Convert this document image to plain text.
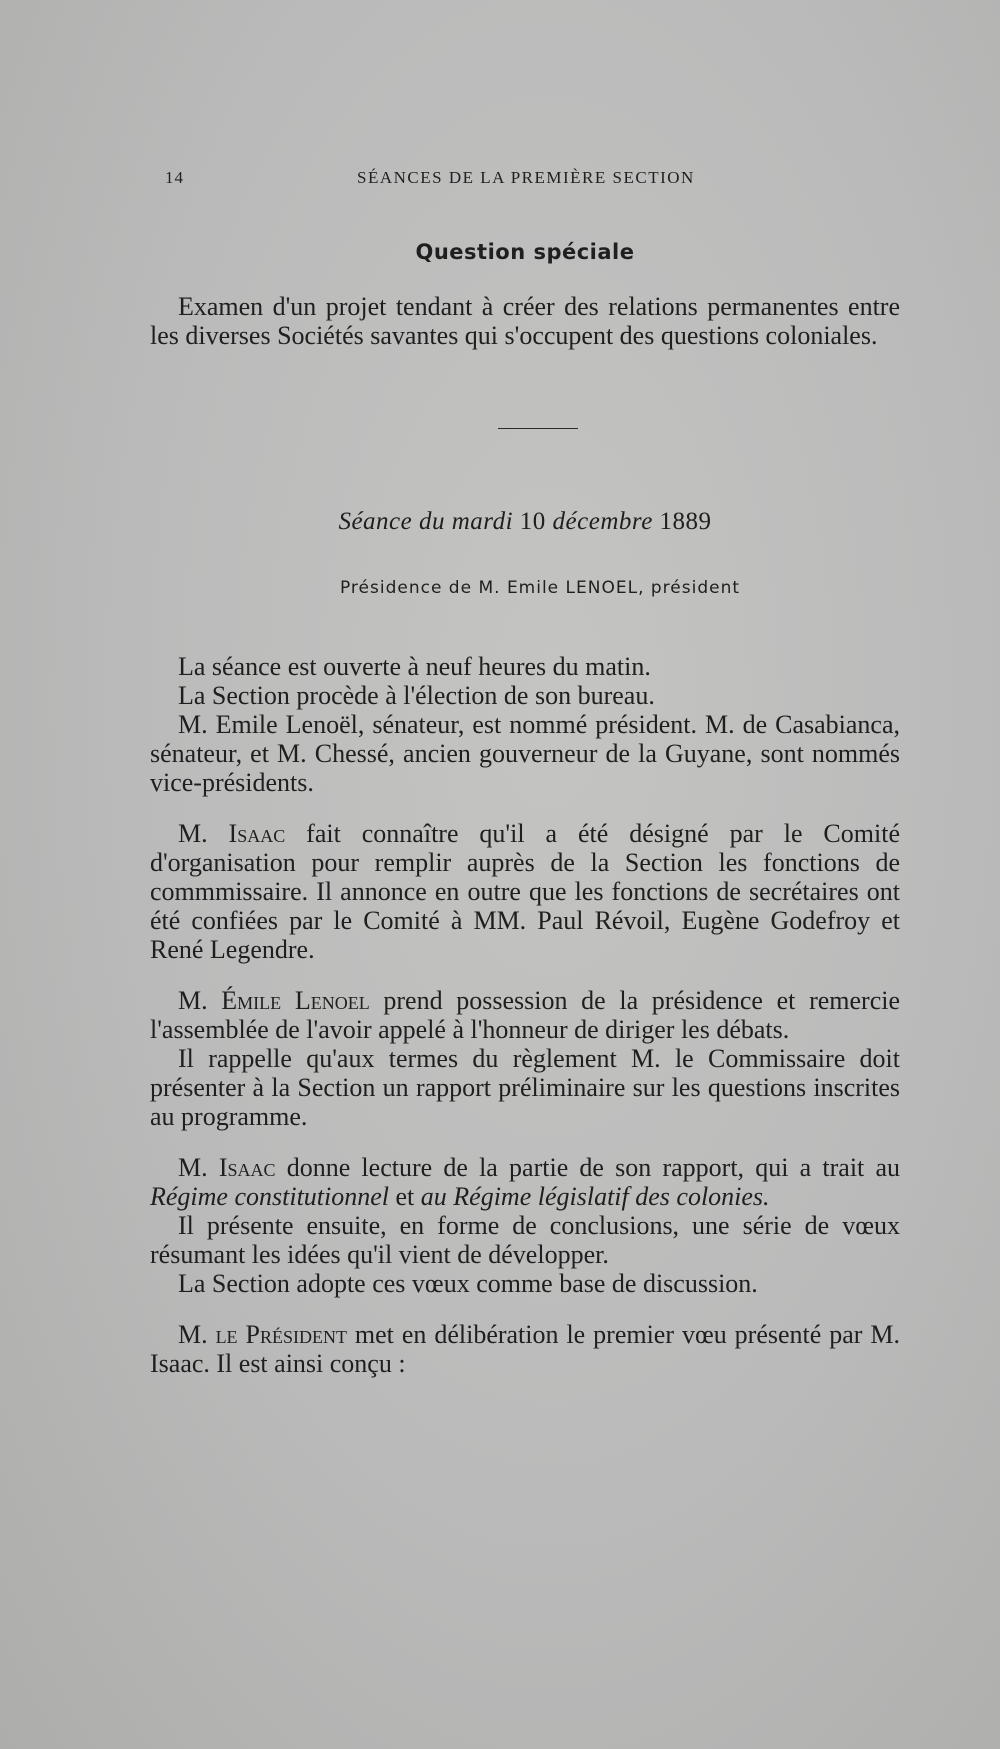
14	SÉANCES DE LA PREMIÈRE SECTION
Question spéciale

Examen d'un projet tendant à créer des relations permanentes entre les diverses Sociétés savantes qui s'occupent des questions coloniales.

Séance du mardi 10 décembre 1889
Présidence de M. Emile LENOEL, président

La séance est ouverte à neuf heures du matin.

La Section procède à l'élection de son bureau.

M. Emile Lenoël, sénateur, est nommé président. M. de Casabianca, sénateur, et M. Chessé, ancien gouverneur de la Guyane, sont nommés vice-présidents.

M. Isaac fait connaître qu'il a été désigné par le Comité d'organisation pour remplir auprès de la Section les fonctions de commmissaire. Il annonce en outre que les fonctions de secrétaires ont été confiées par le Comité à MM. Paul Révoil, Eugène Godefroy et René Legendre.

M. Émile Lenoel prend possession de la présidence et remercie l'assemblée de l'avoir appelé à l'honneur de diriger les débats.

Il rappelle qu'aux termes du règlement M. le Commissaire doit présenter à la Section un rapport préliminaire sur les questions inscrites au programme.

M. Isaac donne lecture de la partie de son rapport, qui a trait au Régime constitutionnel et au Régime législatif des colonies.

Il présente ensuite, en forme de conclusions, une série de vœux résumant les idées qu'il vient de développer.

La Section adopte ces vœux comme base de discussion.

M. le Président met en délibération le premier vœu présenté par M. Isaac. Il est ainsi conçu :
